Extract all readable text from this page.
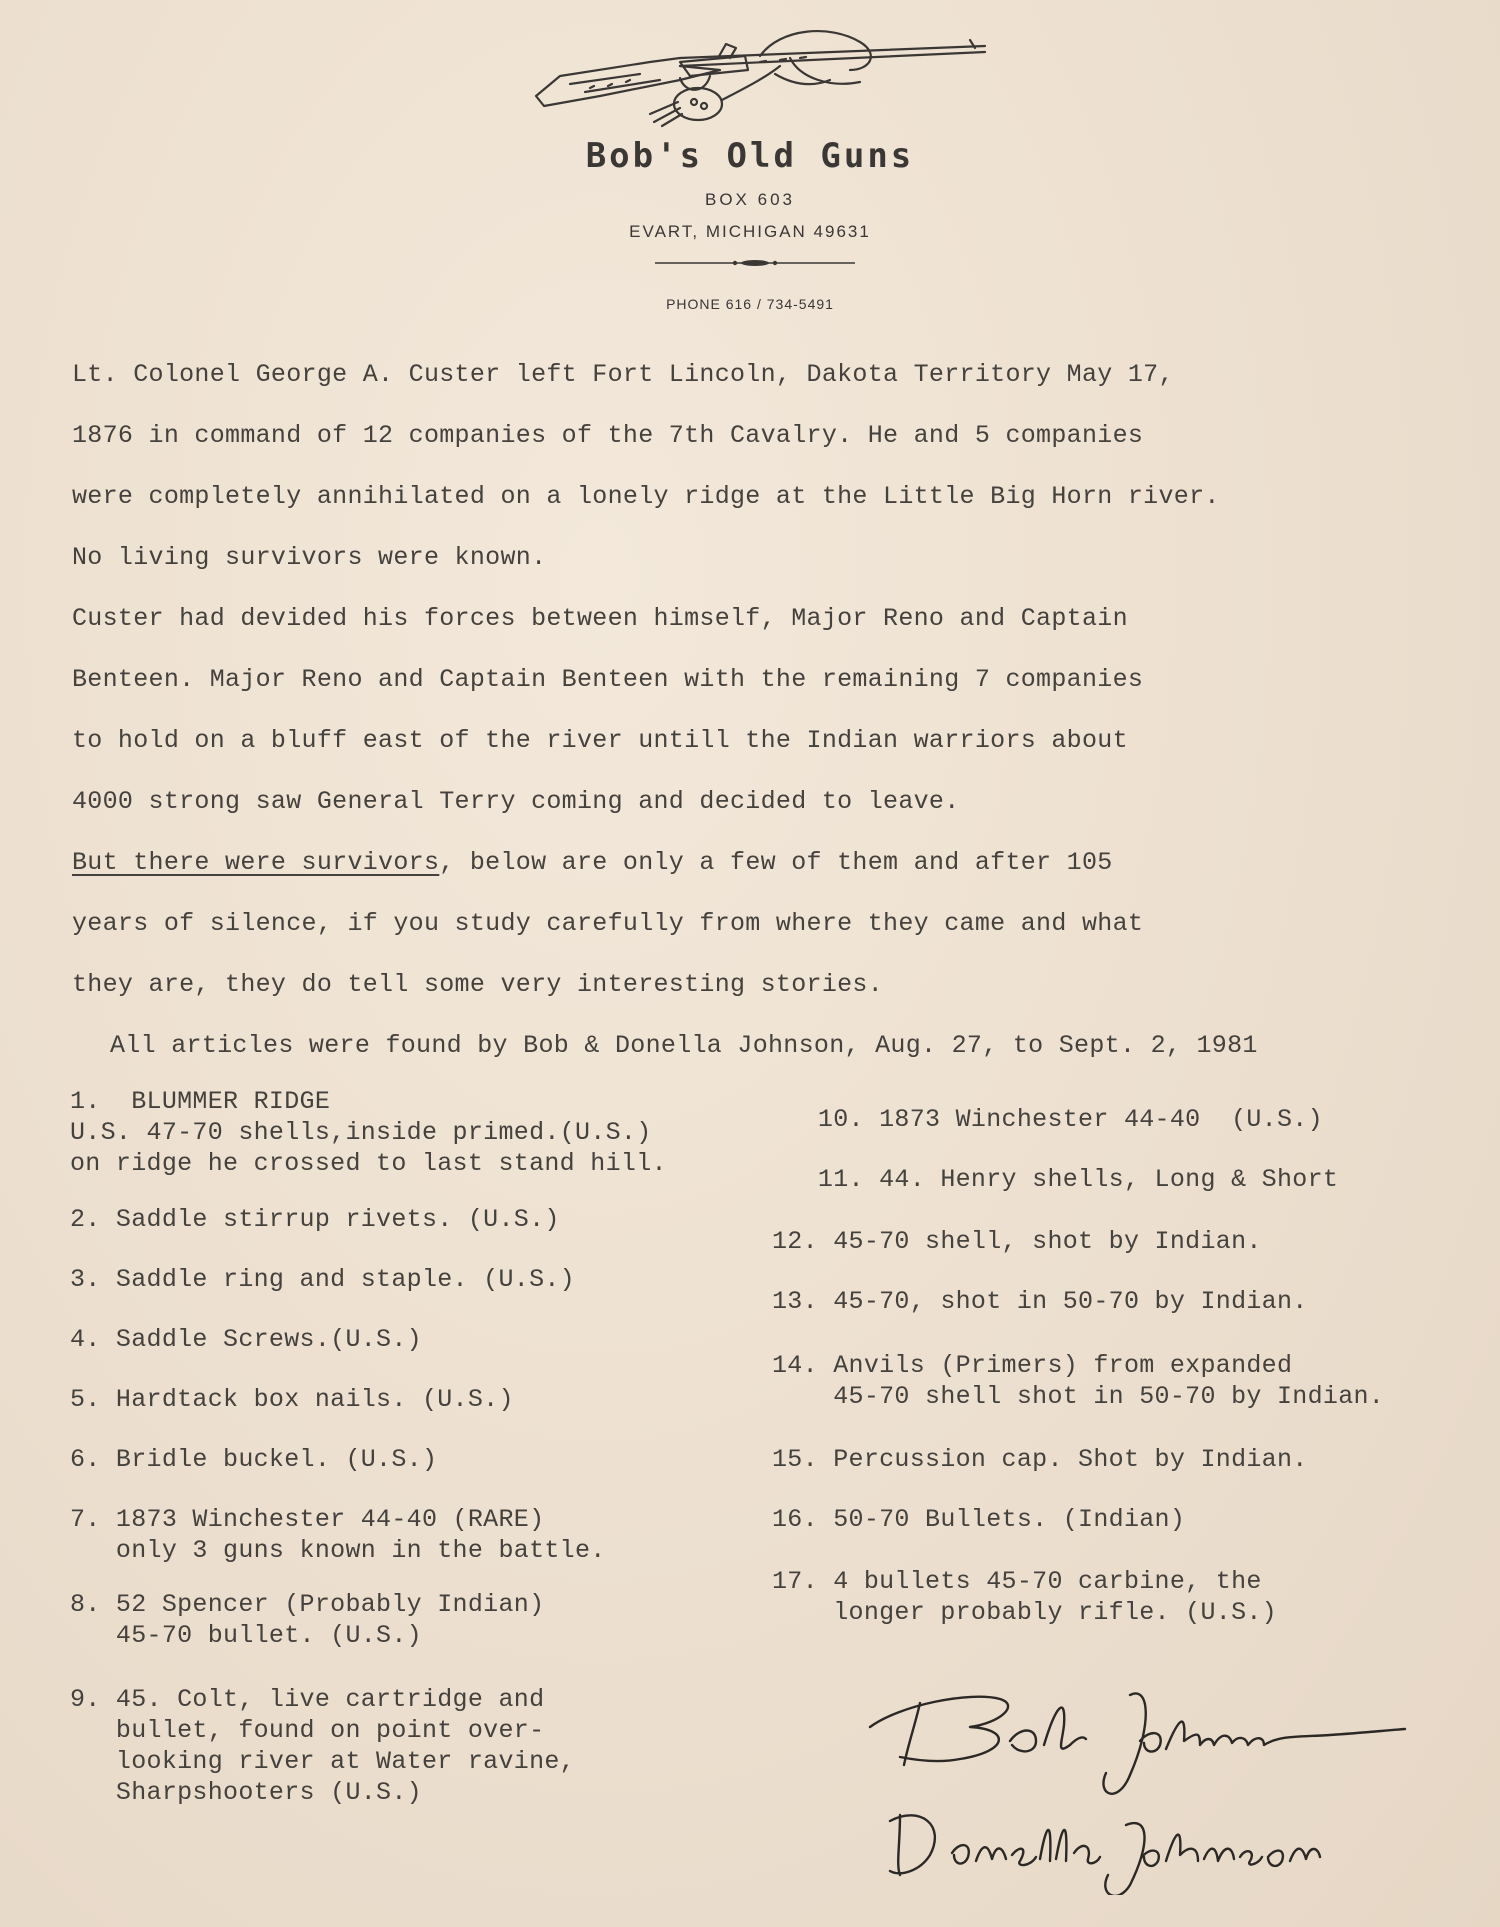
Bob's Old Guns
BOX 603
EVART, MICHIGAN 49631
PHONE 616 / 734-5491

Lt. Colonel George A. Custer left Fort Lincoln, Dakota Territory May 17,
1876 in command of 12 companies of the 7th Cavalry. He and 5 companies
were completely annihilated on a lonely ridge at the Little Big Horn river.
No living survivors were known.

Custer had devided his forces between himself, Major Reno and Captain
Benteen. Major Reno and Captain Benteen with the remaining 7 companies
to hold on a bluff east of the river untill the Indian warriors about
4000 strong saw General Terry coming and decided to leave.

But there were survivors, below are only a few of them and after 105
years of silence, if you study carefully from where they came and what
they are, they do tell some very interesting stories.

All articles were found by Bob & Donella Johnson, Aug. 27, to Sept. 2, 1981

1.  BLUMMER RIDGE
U.S. 47-70 shells,inside primed.(U.S.)
on ridge he crossed to last stand hill.
2. Saddle stirrup rivets. (U.S.)
3. Saddle ring and staple. (U.S.)
4. Saddle Screws.(U.S.)
5. Hardtack box nails. (U.S.)
6. Bridle buckel. (U.S.)
7. 1873 Winchester 44-40 (RARE)
only 3 guns known in the battle.
8. 52 Spencer (Probably Indian)
45-70 bullet. (U.S.)
9. 45. Colt, live cartridge and
bullet, found on point over-
looking river at Water ravine,
Sharpshooters (U.S.)
10. 1873 Winchester 44-40  (U.S.)
11. 44. Henry shells, Long & Short
12. 45-70 shell, shot by Indian.
13. 45-70, shot in 50-70 by Indian.
14. Anvils (Primers) from expanded
45-70 shell shot in 50-70 by Indian.
15. Percussion cap. Shot by Indian.
16. 50-70 Bullets. (Indian)
17. 4 bullets 45-70 carbine, the
longer probably rifle. (U.S.)
